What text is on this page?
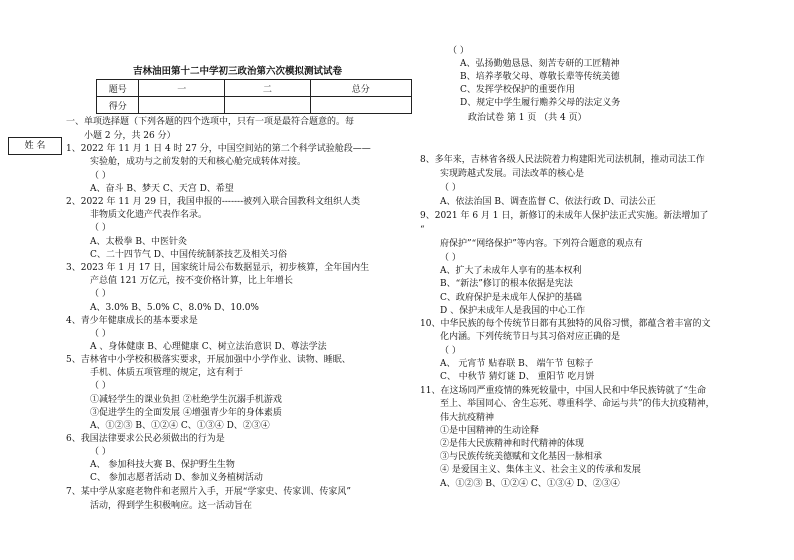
吉林油田第十二中学初三政治第六次模拟测试试卷
题号	一	二	总分
得分			
姓 名
一、单项选择题（下列各题的四个选项中，只有一项是最符合题意的。每
小题 2 分，共 26 分）
1、2022 年 11 月 1 日 4 时 27 分，中国空间站的第二个科学试验舱段——
实验舱，成功与之前发射的天和核心舱完成转体对接。
（ ）
A、奋斗 B、梦天 C、天宫 D、希望
2、2022 年 11 月 29 日，我国申报的-------被列入联合国教科文组织人类
非物质文化遗产代表作名录。
（ ）
A、太极拳 B、中医针灸
C、二十四节气 D、中国传统制茶技艺及相关习俗
3、2023 年 1 月 17 日，国家统计局公布数据显示，初步核算，全年国内生
产总值 121 万亿元，按不变价格计算，比上年增长
（ ）
A、3.0% B、5.0% C、8.0% D、10.0%
4、青少年健康成长的基本要求是
（ ）
A 、身体健康 B、心理健康 C、树立法治意识 D、尊法学法
5、吉林省中小学校积极落实要求，开展加强中小学作业、读物、睡眠、
手机、体质五项管理的规定，这有利于
（ ）
①减轻学生的课业负担 ②杜绝学生沉溺手机游戏
③促进学生的全面发展 ④增强青少年的身体素质
A、①②③ B、①②④ C、①③④ D、②③④
6、我国法律要求公民必须做出的行为是
（ ）
A、 参加科技大赛 B、保护野生生物
C、 参加志愿者活动 D、参加义务植树活动
7、某中学从家庭老物件和老照片入手，开展“学家史、传家训、传家风”
活动，得到学生积极响应。这一活动旨在
（ ）
A、弘扬勤勉恳恳、刻苦专研的工匠精神
B、培养孝敬父母、尊敬长辈等传统美德
C、发挥学校保护的重要作用
D、规定中学生履行赡养父母的法定义务
政治试卷 第 1 页 （共 4 页）
8、多年来，吉林省各级人民法院着力构建阳光司法机制，推动司法工作
实现跨越式发展。司法改革的核心是
（ ）
A、依法治国 B、调查监督 C、依法行政 D、司法公正
9、2021 年 6 月 1 日，新修订的未成年人保护法正式实施。新法增加了
“
府保护”“网络保护”等内容。下列符合题意的观点有
（ ）
A、扩大了未成年人享有的基本权利
B、“新法”修订的根本依据是宪法
C、政府保护是未成年人保护的基础
D 、保护未成年人是我国的中心工作
10、中华民族的每个传统节日都有其独特的风俗习惯，都蕴含着丰富的文
化内涵。下列传统节日与其习俗对应正确的是
（ ）
A、 元宵节 贴春联 B、 端午节 包粽子
C、 中秋节 猜灯谜 D、 重阳节 吃月饼
11、在这场同严重疫情的殊死较量中，中国人民和中华民族铸就了“生命
至上、举国同心、舍生忘死、尊重科学、命运与共”的伟大抗疫精神，
伟大抗疫精神
①是中国精神的生动诠释
②是伟大民族精神和时代精神的体现
③与民族传统美德赋和文化基因一脉相承
④ 是爱国主义、集体主义、社会主义的传承和发展
A、①②③ B、①②④ C、①③④ D、②③④
